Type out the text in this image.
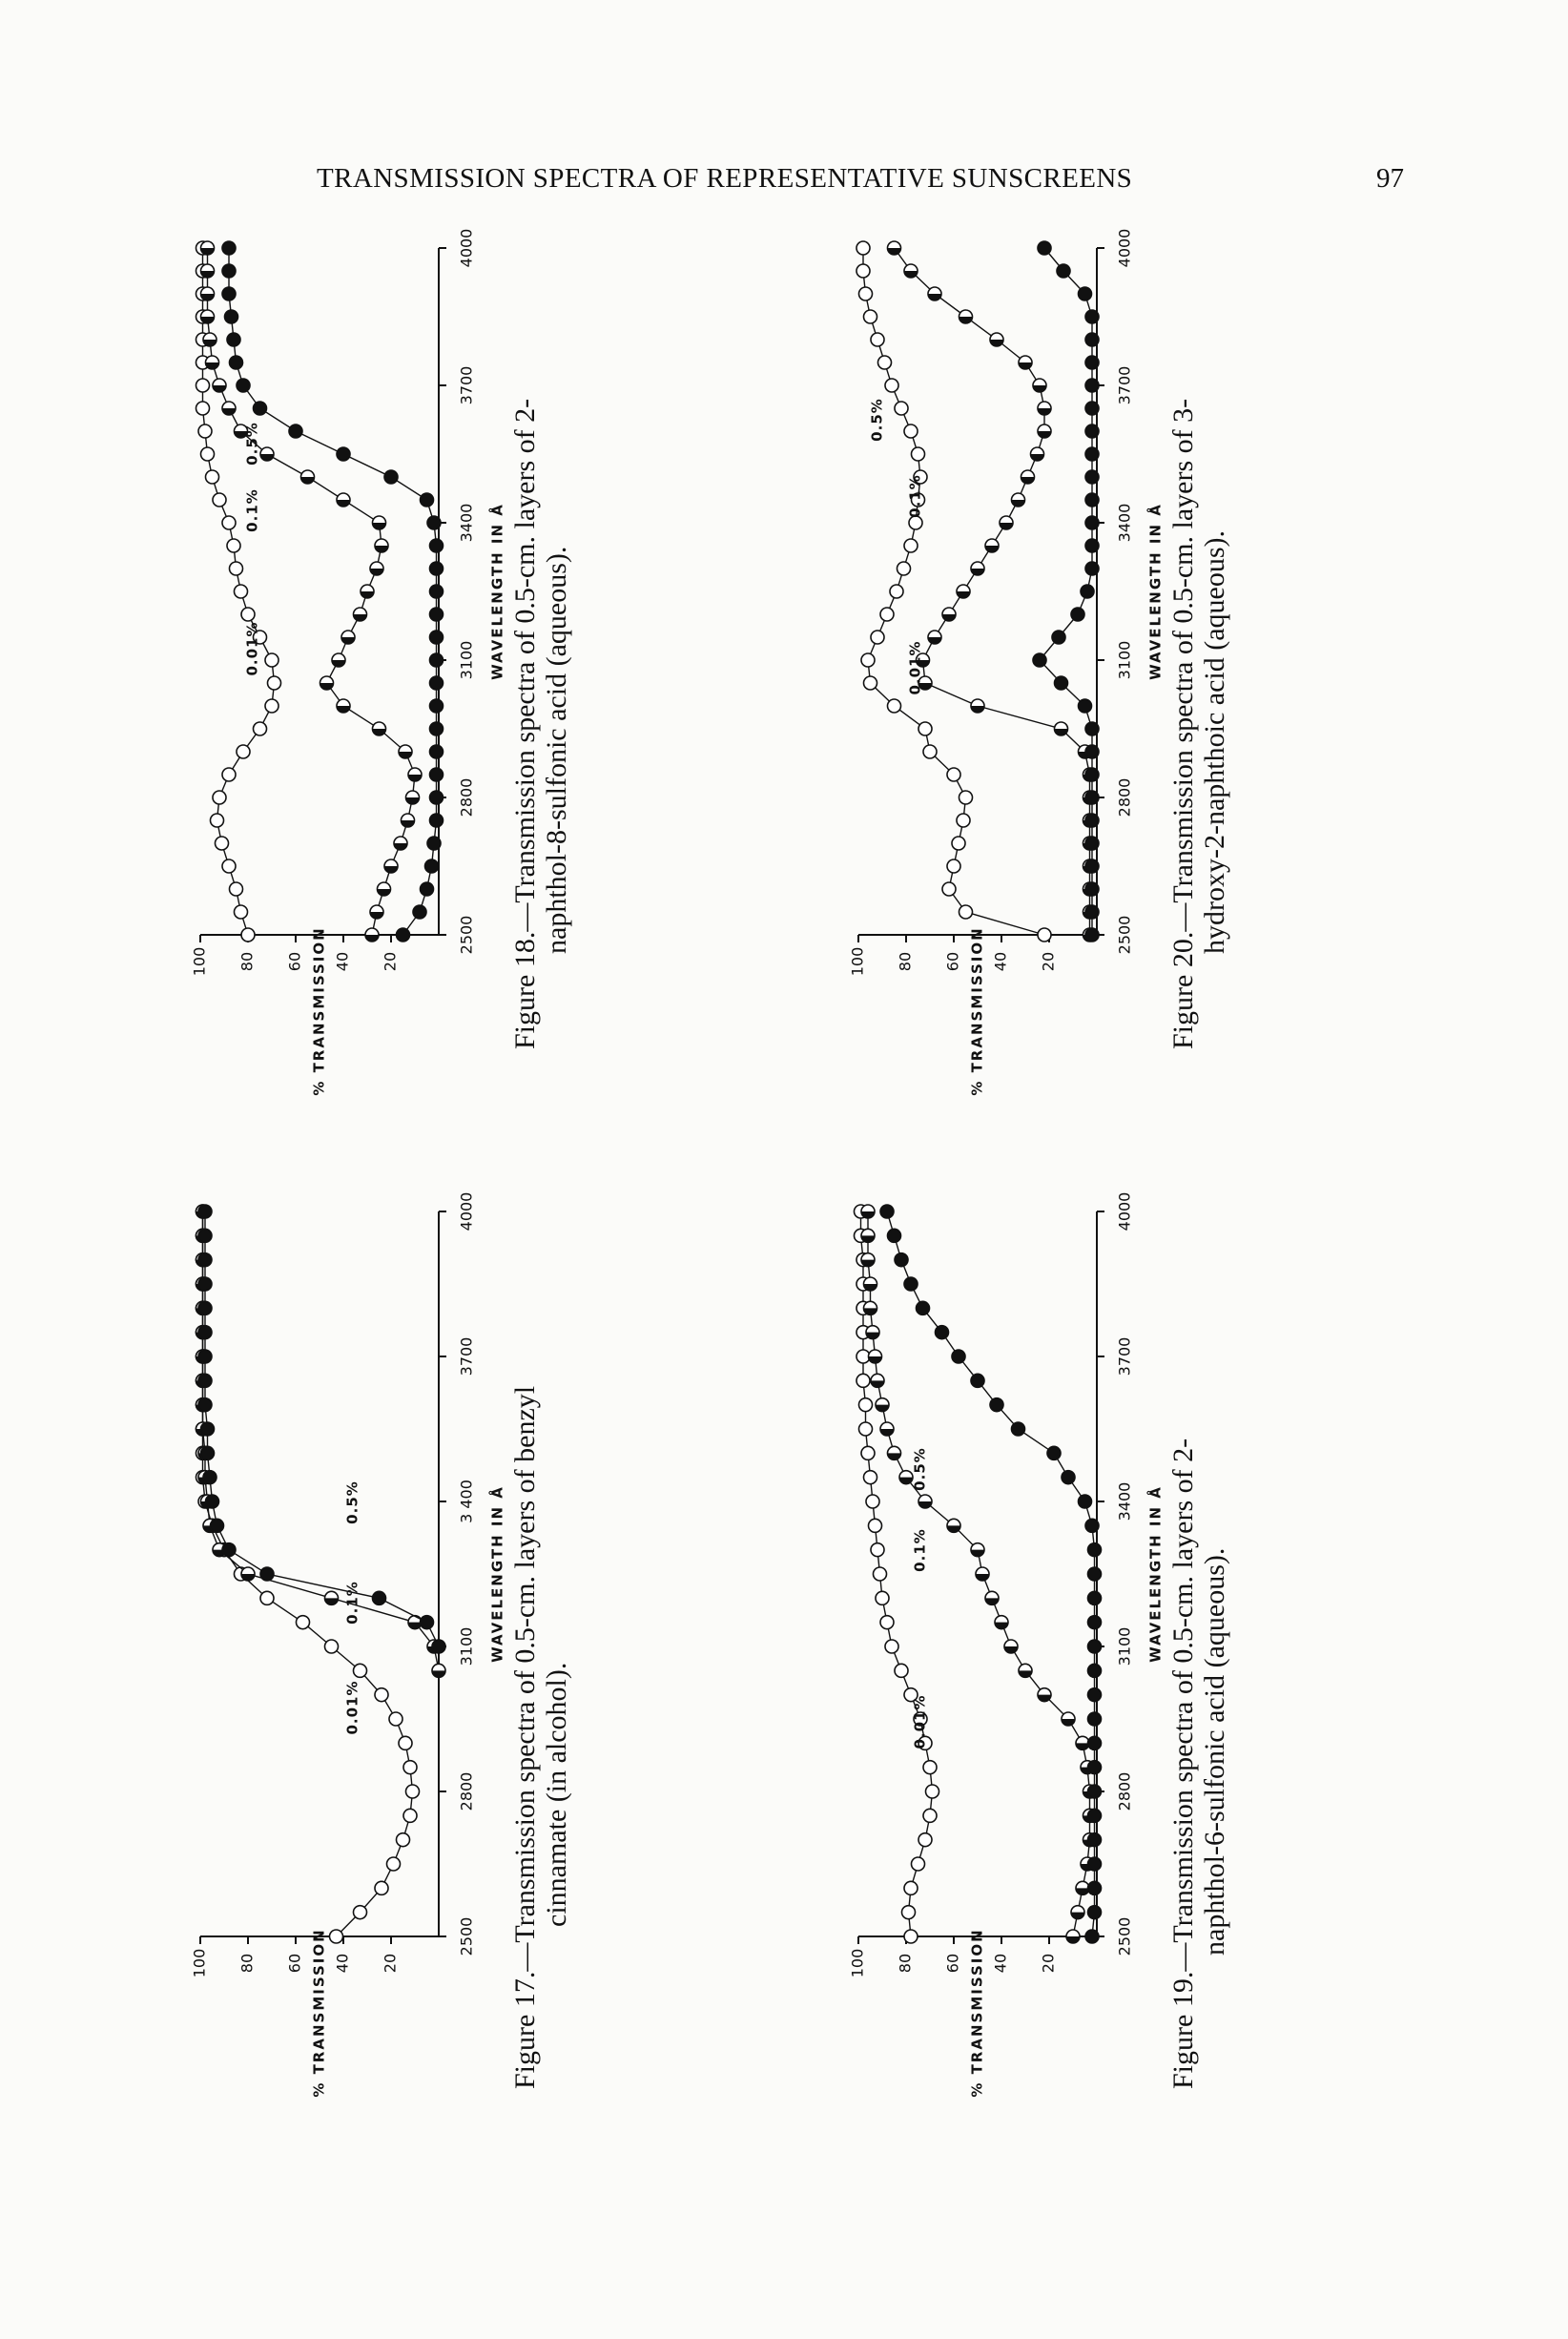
TRANSMISSION SPECTRA OF REPRESENTATIVE SUNSCREENS	97
2500
2800
3100
3 400
3700
4000
100 80 60 40 20
WAVELENGTH IN Å
% TRANSMISSION
0.01%
0.1%
0.5%	Figure 17.—Transmission spectra of 0.5-cm. layers of benzyl cinnamate (in alcohol).
2500
2800
3100
3400
3700
4000
100 80 60 40 20
WAVELENGTH IN Å
% TRANSMISSION
0.01%
0.1%
0.5%	Figure 18.—Transmission spectra of 0.5-cm. layers of 2- naphthol-8-sulfonic acid (aqueous).
2500
2800
3100
3400
3700
4000
100 80 60 40 20
WAVELENGTH IN Å
% TRANSMISSION
0.01%
0.1%
0.5%	Figure 19.—Transmission spectra of 0.5-cm. layers of 2- naphthol-6-sulfonic acid (aqueous).
2500
2800
3100
3400
3700
4000
100 80 60 40 20
WAVELENGTH IN Å
% TRANSMISSION
0.01%
0.1%
0.5%	Figure 20.—Transmission spectra of 0.5-cm. layers of 3- hydroxy-2-naphthoic acid (aqueous).
